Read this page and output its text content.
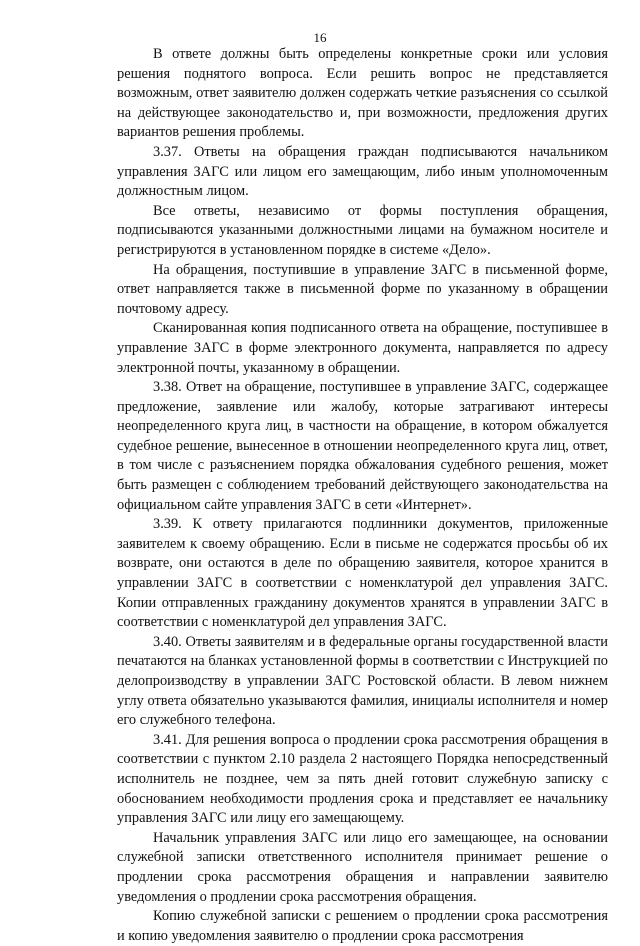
16

В ответе должны быть определены конкретные сроки или условия решения поднятого вопроса. Если решить вопрос не представляется возможным, ответ заявителю должен содержать четкие разъяснения со ссылкой на действующее законодательство и, при возможности, предложения других вариантов решения проблемы.

3.37. Ответы на обращения граждан подписываются начальником управления ЗАГС или лицом его замещающим, либо иным уполномоченным должностным лицом.

Все ответы, независимо от формы поступления обращения, подписываются указанными должностными лицами на бумажном носителе и регистрируются в установленном порядке в системе «Дело».

На обращения, поступившие в управление ЗАГС в письменной форме, ответ направляется также в письменной форме по указанному в обращении почтовому адресу.

Сканированная копия подписанного ответа на обращение, поступившее в управление ЗАГС в форме электронного документа, направляется по адресу электронной почты, указанному в обращении.

3.38. Ответ на обращение, поступившее в управление ЗАГС, содержащее предложение, заявление или жалобу, которые затрагивают интересы неопределенного круга лиц, в частности на обращение, в котором обжалуется судебное решение, вынесенное в отношении неопределенного круга лиц, ответ, в том числе с разъяснением порядка обжалования судебного решения, может быть размещен с соблюдением требований действующего законодательства на официальном сайте управления ЗАГС в сети «Интернет».

3.39. К ответу прилагаются подлинники документов, приложенные заявителем к своему обращению. Если в письме не содержатся просьбы об их возврате, они остаются в деле по обращению заявителя, которое хранится в управлении ЗАГС в соответствии с номенклатурой дел управления ЗАГС. Копии отправленных гражданину документов хранятся в управлении ЗАГС в соответствии с номенклатурой дел управления ЗАГС.

3.40. Ответы заявителям и в федеральные органы государственной власти печатаются на бланках установленной формы в соответствии с Инструкцией по делопроизводству в управлении ЗАГС Ростовской области. В левом нижнем углу ответа обязательно указываются фамилия, инициалы исполнителя и номер его служебного телефона.

3.41. Для решения вопроса о продлении срока рассмотрения обращения в соответствии с пунктом 2.10 раздела 2 настоящего Порядка непосредственный исполнитель не позднее, чем за пять дней готовит служебную записку с обоснованием необходимости продления срока и представляет ее начальнику управления ЗАГС или лицу его замещающему.

Начальник управления ЗАГС или лицо его замещающее, на основании служебной записки ответственного исполнителя принимает решение о продлении срока рассмотрения обращения и направлении заявителю уведомления о продлении срока рассмотрения обращения.

Копию служебной записки с решением о продлении срока рассмотрения и копию уведомления заявителю о продлении срока рассмотрения
